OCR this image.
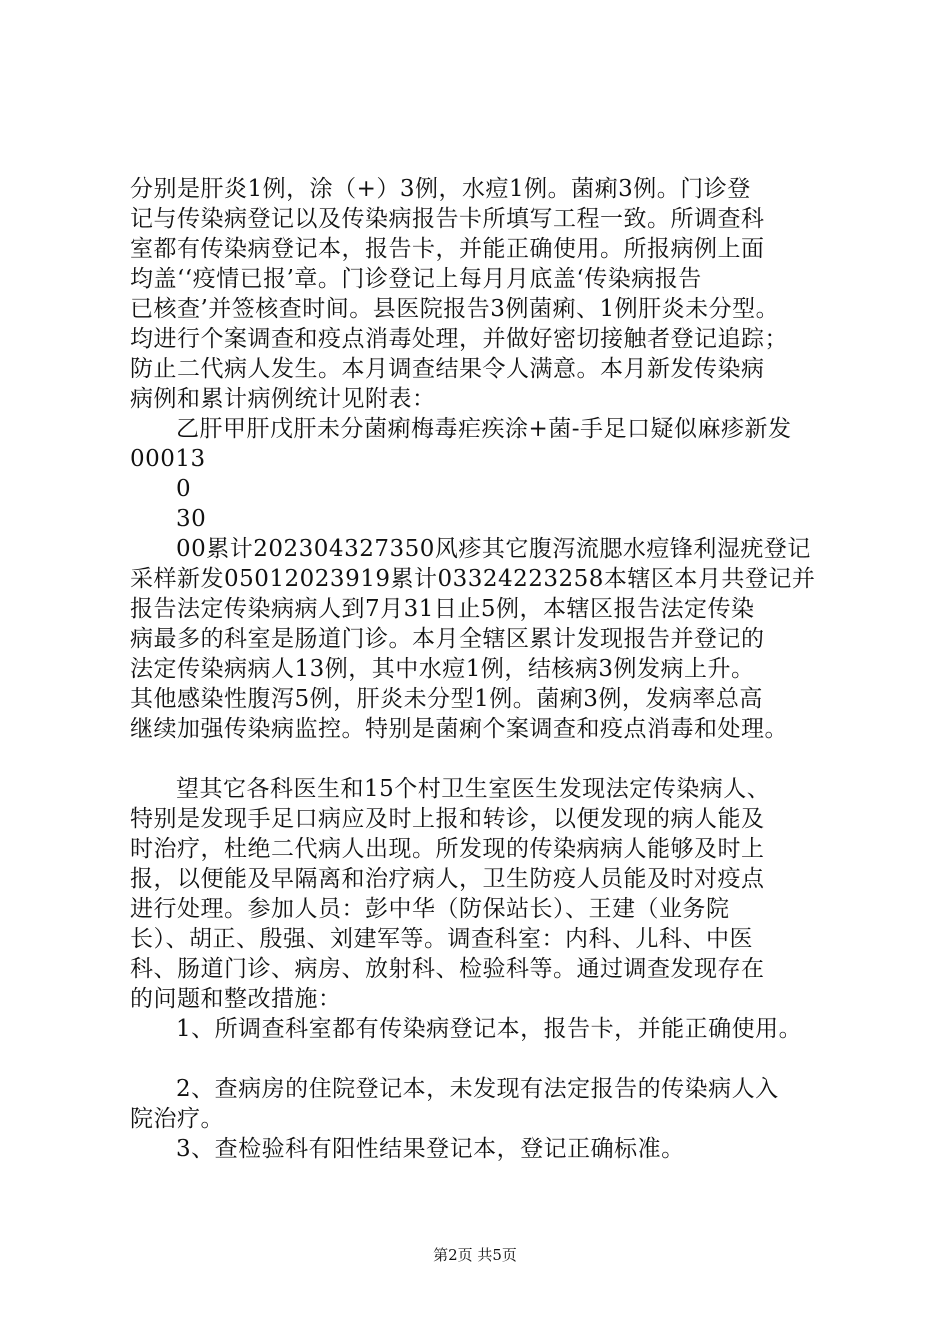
分别是肝炎1例，涂（+）3例，水痘1例。菌痢3例。门诊登
记与传染病登记以及传染病报告卡所填写工程一致。所调查科
室都有传染病登记本，报告卡，并能正确使用。所报病例上面
均盖‘‘疫情已报’章。门诊登记上每月月底盖‘传染病报告
已核查’并签核查时间。县医院报告3例菌痢、1例肝炎未分型。
均进行个案调查和疫点消毒处理，并做好密切接触者登记追踪；
防止二代病人发生。本月调查结果令人满意。本月新发传染病
病例和累计病例统计见附表：
乙肝甲肝戊肝未分菌痢梅毒疟疾涂+菌-手足口疑似麻疹新发
00013
0
30
00累计202304327350风疹其它腹泻流腮水痘锋利湿疣登记
采样新发05012023919累计03324223258本辖区本月共登记并
报告法定传染病病人到7月31日止5例，本辖区报告法定传染
病最多的科室是肠道门诊。本月全辖区累计发现报告并登记的
法定传染病病人13例，其中水痘1例，结核病3例发病上升。
其他感染性腹泻5例，肝炎未分型1例。菌痢3例，发病率总高
继续加强传染病监控。特别是菌痢个案调查和疫点消毒和处理。
望其它各科医生和15个村卫生室医生发现法定传染病人、
特别是发现手足口病应及时上报和转诊，以便发现的病人能及
时治疗，杜绝二代病人出现。所发现的传染病病人能够及时上
报，以便能及早隔离和治疗病人，卫生防疫人员能及时对疫点
进行处理。参加人员：彭中华（防保站长）、王建（业务院
长）、胡正、殷强、刘建军等。调查科室：内科、儿科、中医
科、肠道门诊、病房、放射科、检验科等。通过调查发现存在
的问题和整改措施：
1、所调查科室都有传染病登记本，报告卡，并能正确使用。
2、查病房的住院登记本，未发现有法定报告的传染病人入
院治疗。
3、查检验科有阳性结果登记本，登记正确标准。
第2页 共5页
